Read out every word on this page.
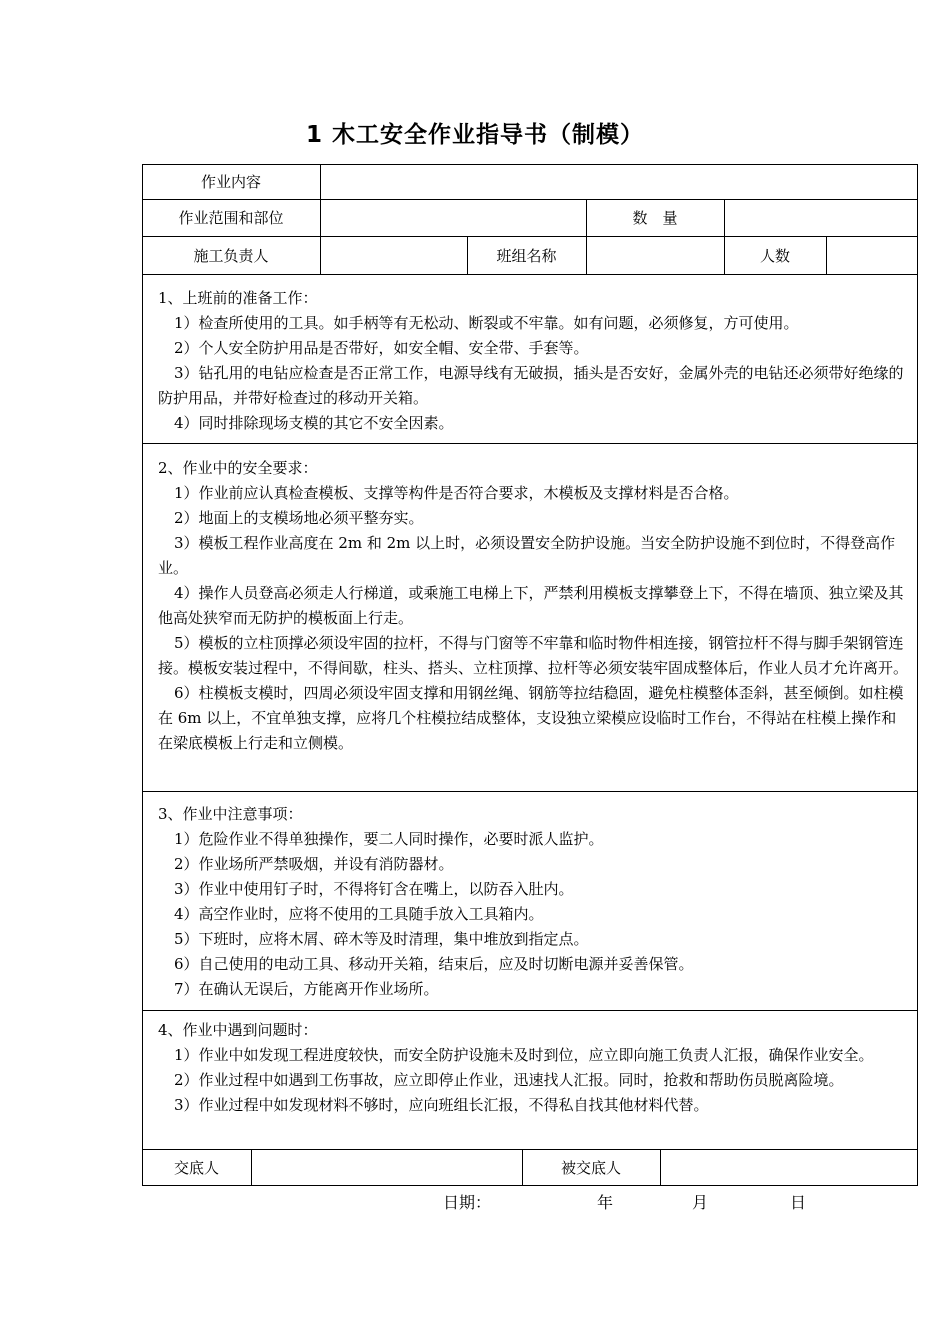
1 木工安全作业指导书（制模）
作业内容
作业范围和部位	数　量
施工负责人	班组名称	人数

1、上班前的准备工作：

1）检查所使用的工具。如手柄等有无松动、断裂或不牢靠。如有问题，必须修复，方可使用。

2）个人安全防护用品是否带好，如安全帽、安全带、手套等。

3）钻孔用的电钻应检查是否正常工作，电源导线有无破损，插头是否安好，金属外壳的电钻还必须带好绝缘的防护用品，并带好检查过的移动开关箱。

4）同时排除现场支模的其它不安全因素。

2、作业中的安全要求：

1）作业前应认真检查模板、支撑等构件是否符合要求，木模板及支撑材料是否合格。

2）地面上的支模场地必须平整夯实。

3）模板工程作业高度在 2m 和 2m 以上时，必须设置安全防护设施。当安全防护设施不到位时，不得登高作业。

4）操作人员登高必须走人行梯道，或乘施工电梯上下，严禁利用模板支撑攀登上下，不得在墙顶、独立梁及其他高处狭窄而无防护的模板面上行走。

5）模板的立柱顶撑必须设牢固的拉杆，不得与门窗等不牢靠和临时物件相连接，钢管拉杆不得与脚手架钢管连接。模板安装过程中，不得间歇，柱头、搭头、立柱顶撑、拉杆等必须安装牢固成整体后，作业人员才允许离开。

6）柱模板支模时，四周必须设牢固支撑和用钢丝绳、钢筋等拉结稳固，避免柱模整体歪斜，甚至倾倒。如柱模在 6m 以上，不宜单独支撑，应将几个柱模拉结成整体，支设独立梁模应设临时工作台，不得站在柱模上操作和在梁底模板上行走和立侧模。

3、作业中注意事项：

1）危险作业不得单独操作，要二人同时操作，必要时派人监护。

2）作业场所严禁吸烟，并设有消防器材。

3）作业中使用钉子时，不得将钉含在嘴上，以防吞入肚内。

4）高空作业时，应将不使用的工具随手放入工具箱内。

5）下班时，应将木屑、碎木等及时清理，集中堆放到指定点。

6）自己使用的电动工具、移动开关箱，结束后，应及时切断电源并妥善保管。

7）在确认无误后，方能离开作业场所。

4、作业中遇到问题时：

1）作业中如发现工程进度较快，而安全防护设施未及时到位，应立即向施工负责人汇报，确保作业安全。

2）作业过程中如遇到工伤事故，应立即停止作业，迅速找人汇报。同时，抢救和帮助伤员脱离险境。

3）作业过程中如发现材料不够时，应向班组长汇报，不得私自找其他材料代替。

交底人	被交底人
日期：	年	月	日
